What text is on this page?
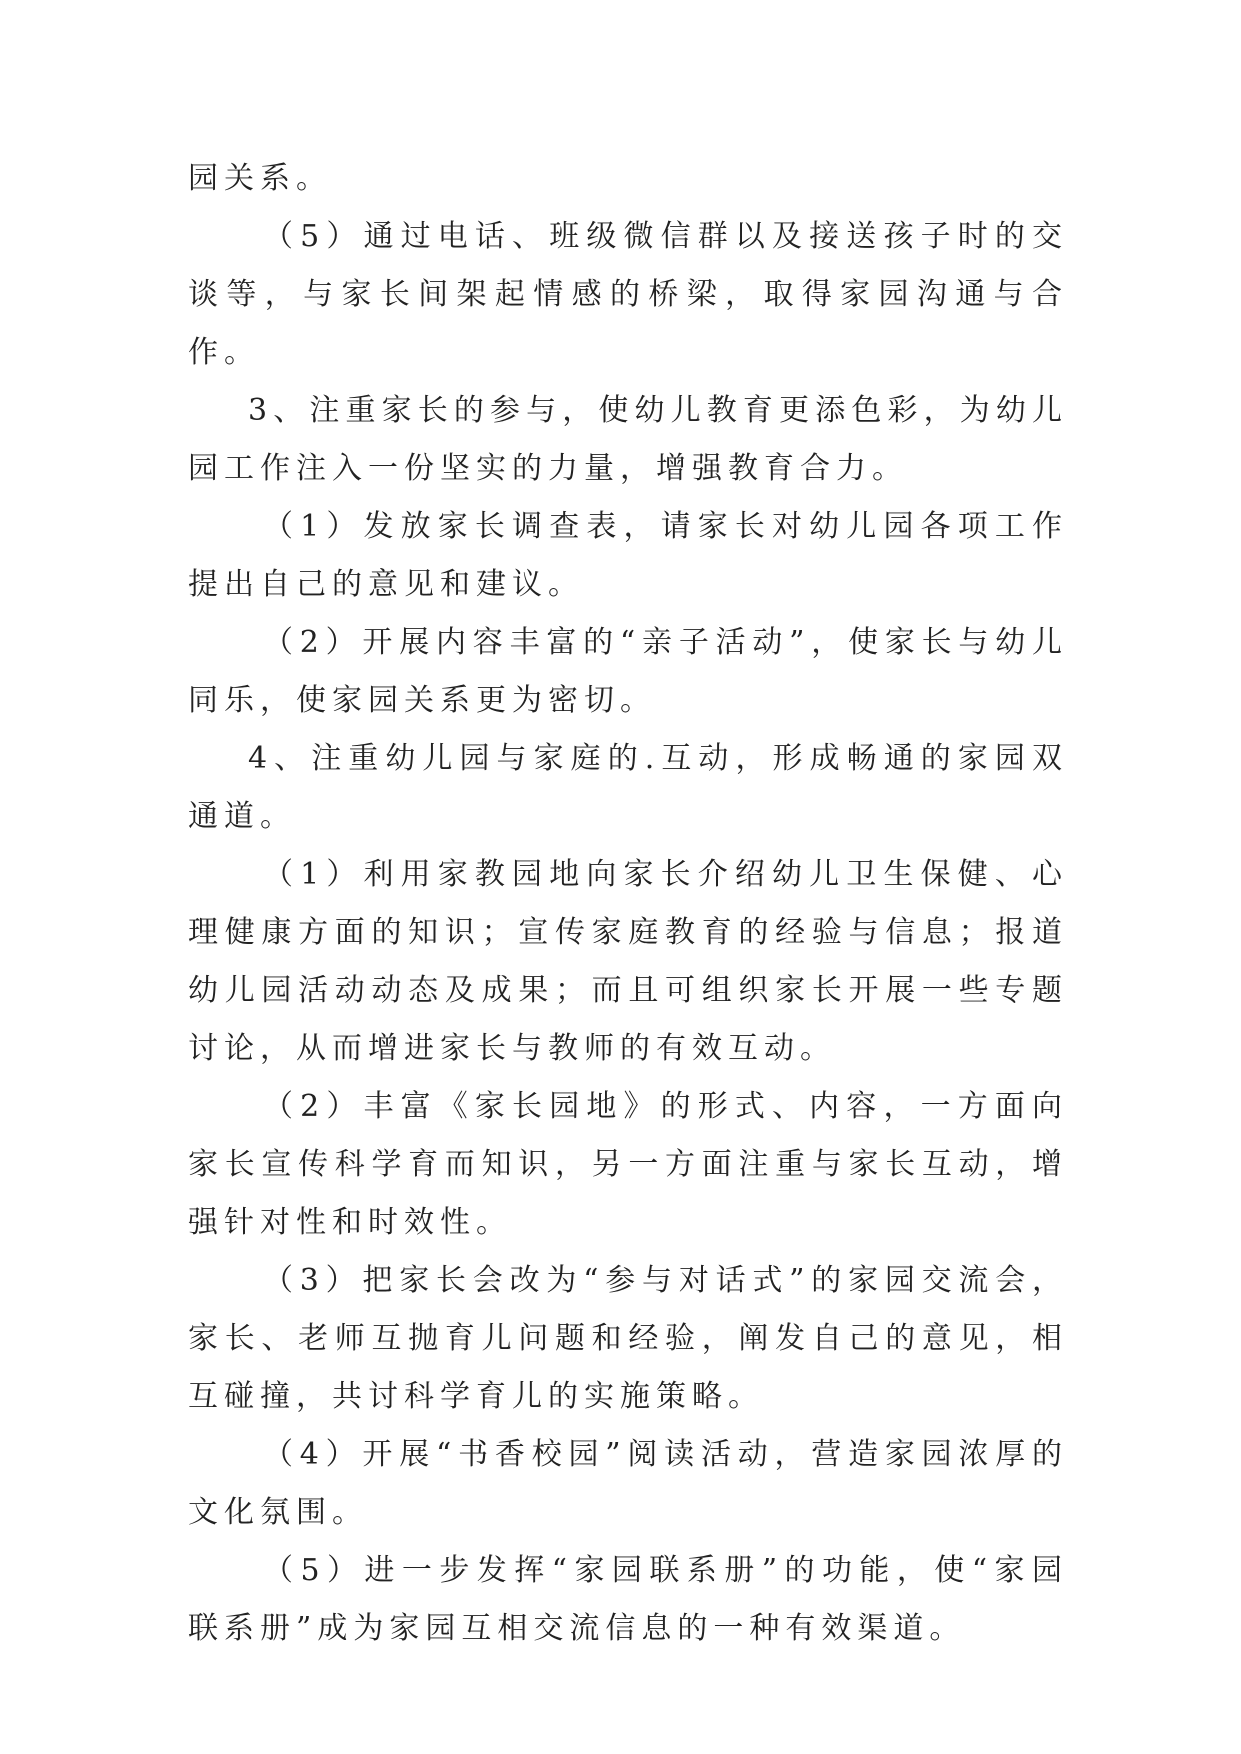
园关系。

（5）通过电话、班级微信群以及接送孩子时的交谈等，与家长间架起情感的桥梁，取得家园沟通与合作。

3、注重家长的参与，使幼儿教育更添色彩，为幼儿园工作注入一份坚实的力量，增强教育合力。

（1）发放家长调查表，请家长对幼儿园各项工作提出自己的意见和建议。

（2）开展内容丰富的“亲子活动”，使家长与幼儿同乐，使家园关系更为密切。

4、注重幼儿园与家庭的.互动，形成畅通的家园双通道。

（1）利用家教园地向家长介绍幼儿卫生保健、心理健康方面的知识；宣传家庭教育的经验与信息；报道幼儿园活动动态及成果；而且可组织家长开展一些专题讨论，从而增进家长与教师的有效互动。

（2）丰富《家长园地》的形式、内容，一方面向家长宣传科学育而知识，另一方面注重与家长互动，增强针对性和时效性。

（3）把家长会改为“参与对话式”的家园交流会，家长、老师互抛育儿问题和经验，阐发自己的意见，相互碰撞，共讨科学育儿的实施策略。

（4）开展“书香校园”阅读活动，营造家园浓厚的文化氛围。

（5）进一步发挥“家园联系册”的功能，使“家园联系册”成为家园互相交流信息的一种有效渠道。
